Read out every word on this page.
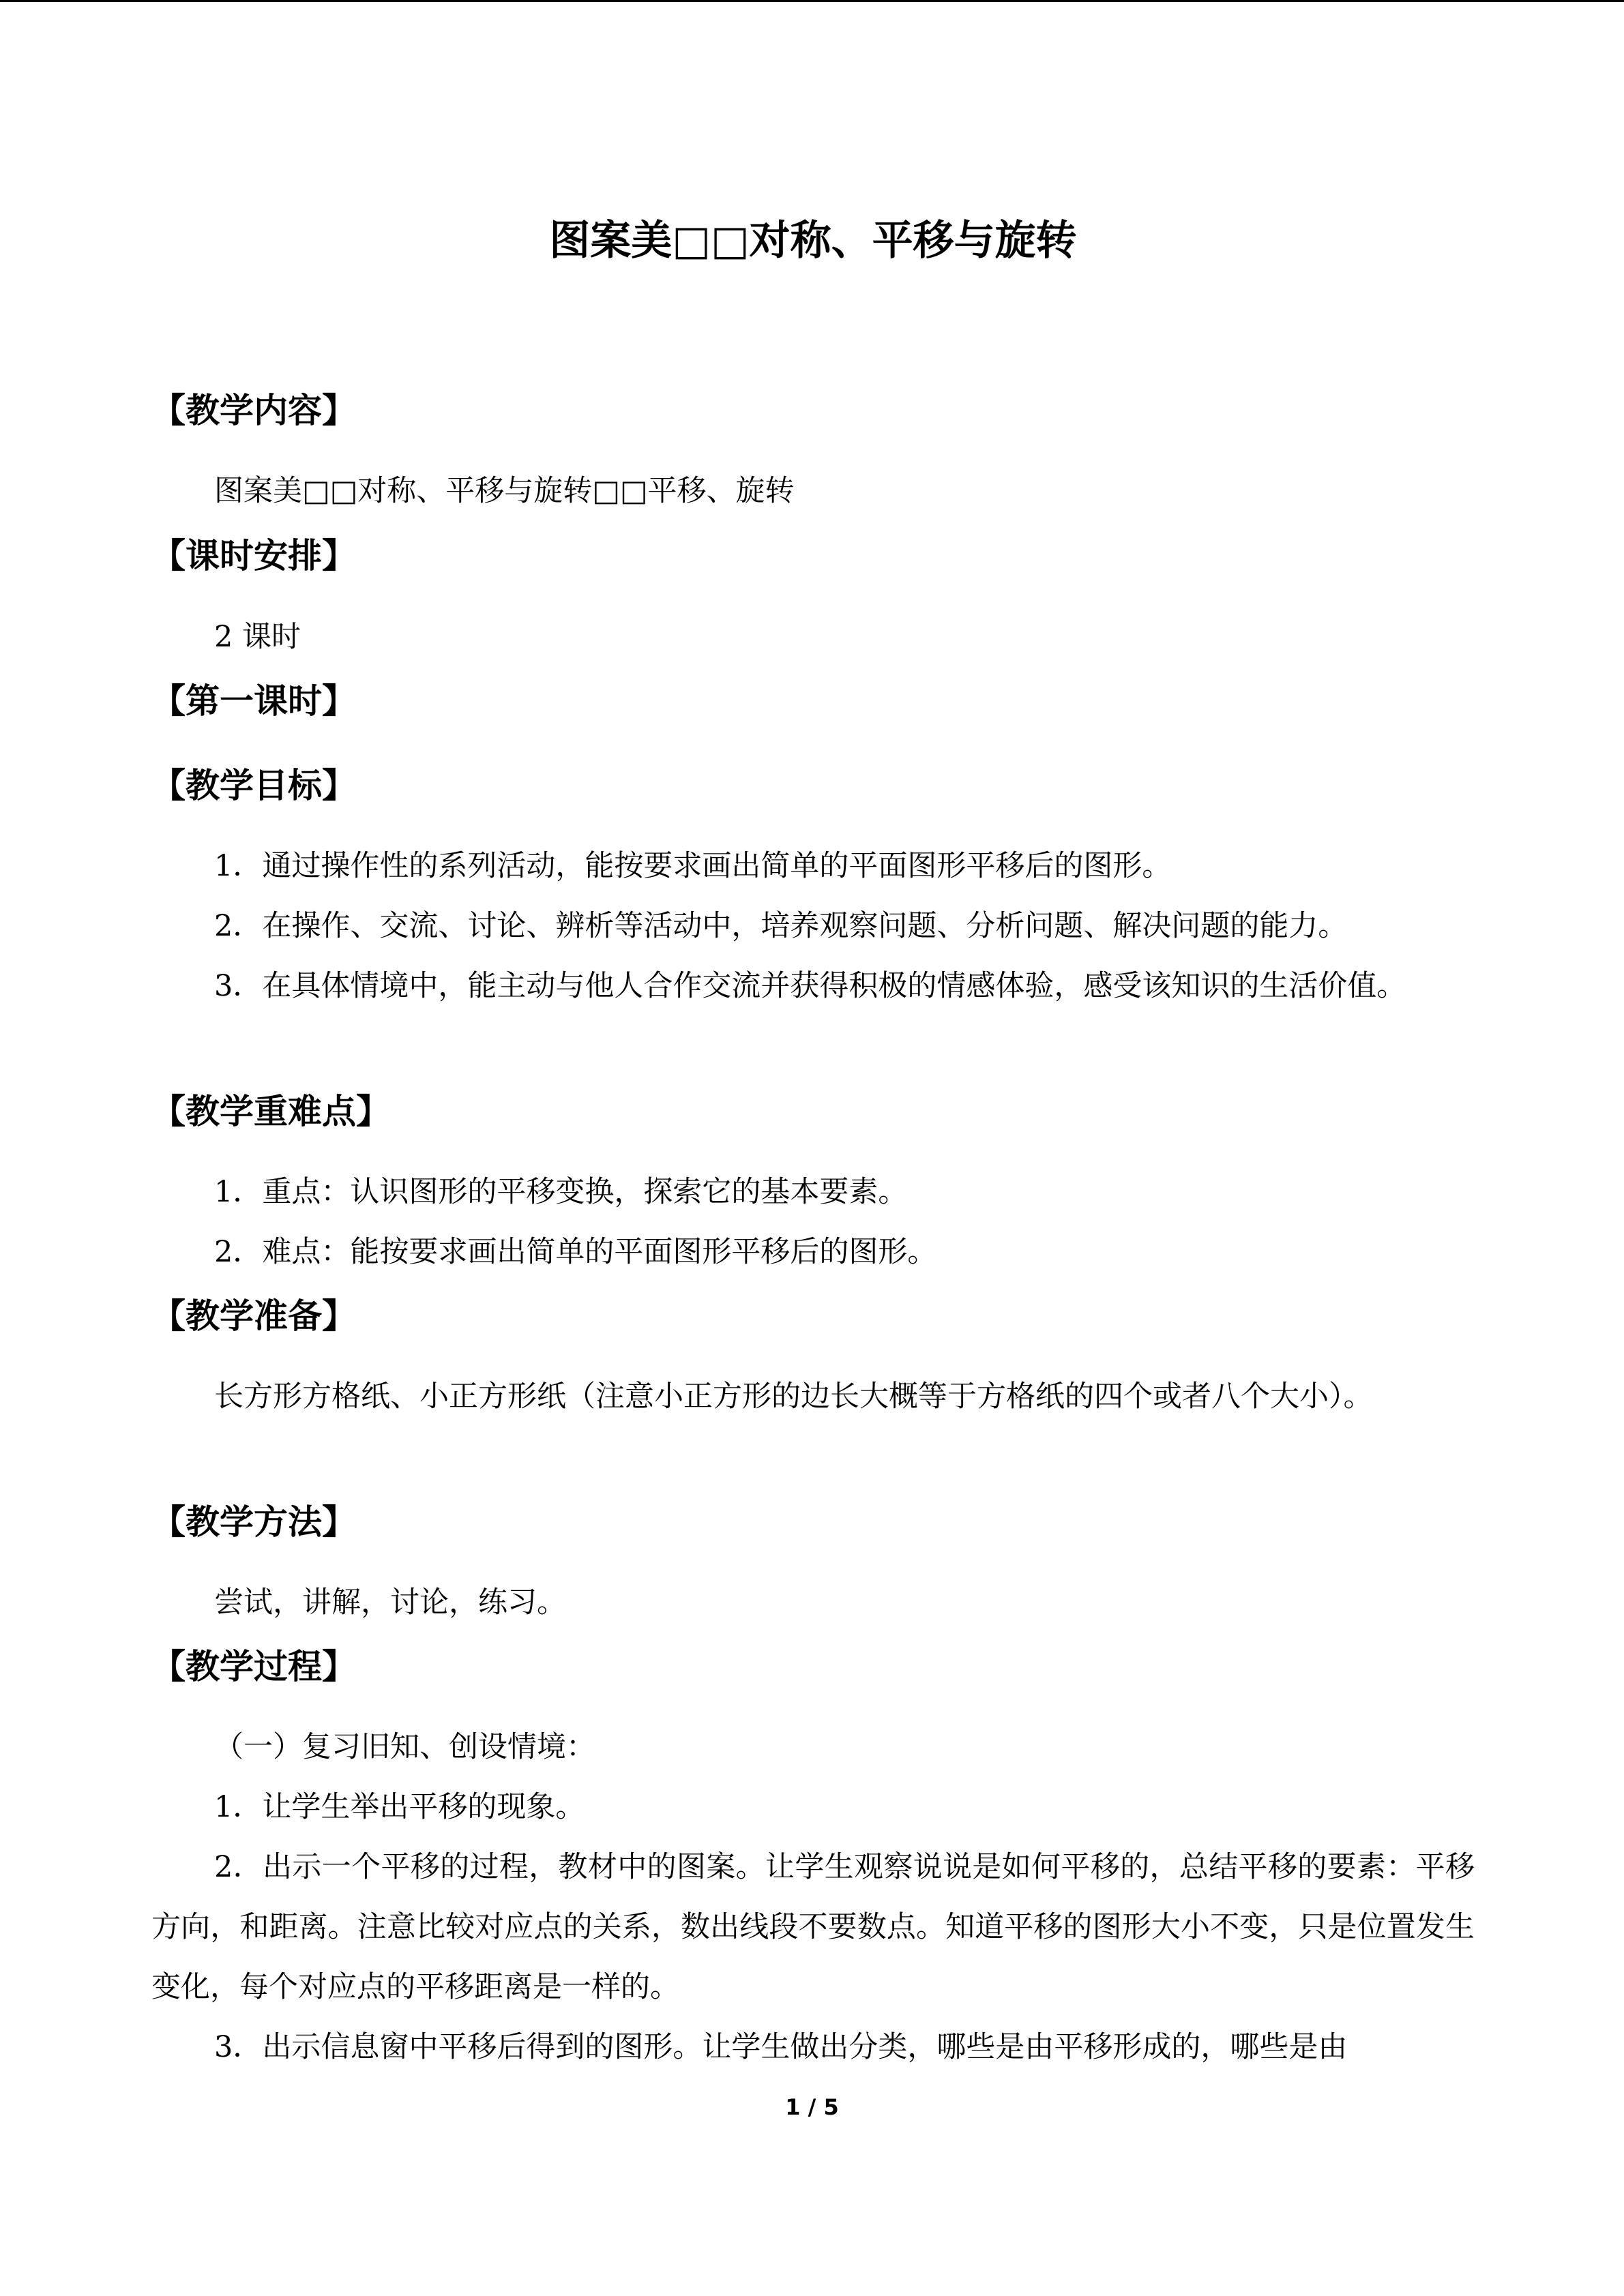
图案美□□对称、平移与旋转
【教学内容】

图案美□□对称、平移与旋转□□平移、旋转

【课时安排】

2 课时

【第一课时】
【教学目标】

1．通过操作性的系列活动，能按要求画出简单的平面图形平移后的图形。

2．在操作、交流、讨论、辨析等活动中，培养观察问题、分析问题、解决问题的能力。

3．在具体情境中，能主动与他人合作交流并获得积极的情感体验，感受该知识的生活价值。

【教学重难点】

1．重点：认识图形的平移变换，探索它的基本要素。

2．难点：能按要求画出简单的平面图形平移后的图形。

【教学准备】

长方形方格纸、小正方形纸（注意小正方形的边长大概等于方格纸的四个或者八个大小）。

【教学方法】

尝试，讲解，讨论，练习。

【教学过程】

（一）复习旧知、创设情境：

1．让学生举出平移的现象。

2．出示一个平移的过程，教材中的图案。让学生观察说说是如何平移的，总结平移的要素：平移方向，和距离。注意比较对应点的关系，数出线段不要数点。知道平移的图形大小不变，只是位置发生变化，每个对应点的平移距离是一样的。

3．出示信息窗中平移后得到的图形。让学生做出分类，哪些是由平移形成的，哪些是由

1 / 5
